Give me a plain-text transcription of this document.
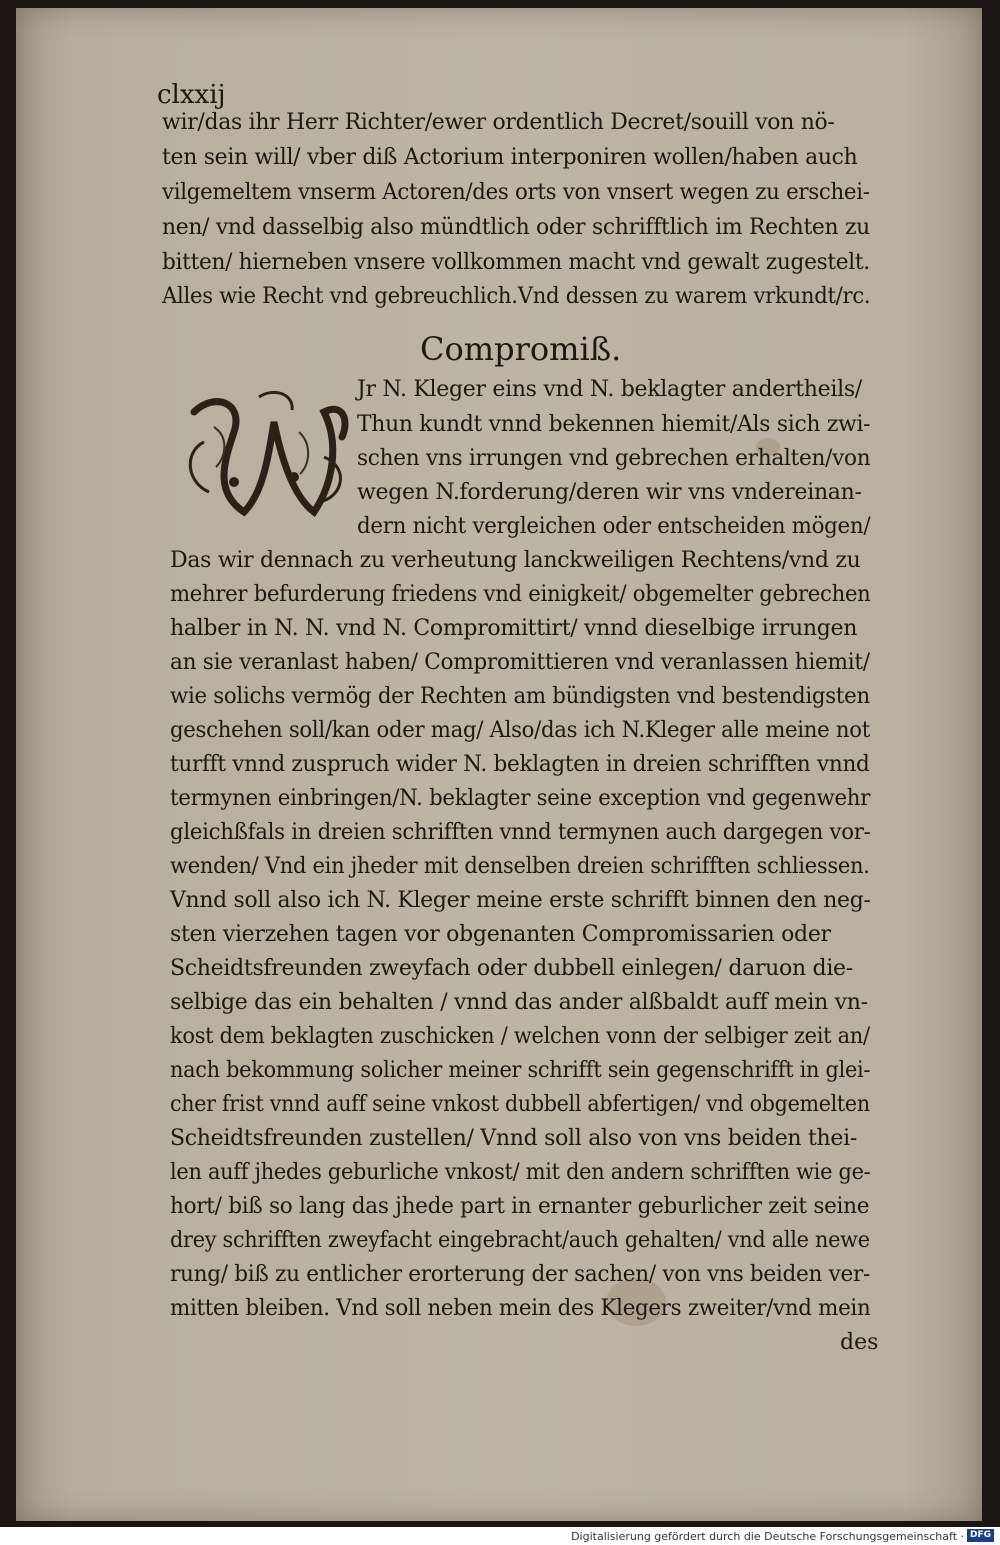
clxxij
wir/das ihr Herr Richter/ewer ordentlich Decret/souill von nö-
ten sein will/ vber diß Actorium interponiren wollen/haben auch
vilgemeltem vnserm Actoren/des orts von vnsert wegen zu erschei-
nen/ vnd dasselbig also mündtlich oder schrifftlich im Rechten zu
bitten/ hierneben vnsere vollkommen macht vnd gewalt zugestelt.
Alles wie Recht vnd gebreuchlich.Vnd dessen zu warem vrkundt/rc.
Compromiß.
Jr N. Kleger eins vnd N. beklagter andertheils/
Thun kundt vnnd bekennen hiemit/Als sich zwi-
schen vns irrungen vnd gebrechen erhalten/von
wegen N.forderung/deren wir vns vndereinan-
dern nicht vergleichen oder entscheiden mögen/
Das wir dennach zu verheutung lanckweiligen Rechtens/vnd zu
mehrer befurderung friedens vnd einigkeit/ obgemelter gebrechen
halber in N. N. vnd N. Compromittirt/ vnnd dieselbige irrungen
an sie veranlast haben/ Compromittieren vnd veranlassen hiemit/
wie solichs vermög der Rechten am bündigsten vnd bestendigsten
geschehen soll/kan oder mag/ Also/das ich N.Kleger alle meine not
turfft vnnd zuspruch wider N. beklagten in dreien schrifften vnnd
termynen einbringen/N. beklagter seine exception vnd gegenwehr
gleichßfals in dreien schrifften vnnd termynen auch dargegen vor-
wenden/ Vnd ein jheder mit denselben dreien schrifften schliessen.
Vnnd soll also ich N. Kleger meine erste schrifft binnen den neg-
sten vierzehen tagen vor obgenanten Compromissarien oder
Scheidtsfreunden zweyfach oder dubbell einlegen/ daruon die-
selbige das ein behalten / vnnd das ander alßbaldt auff mein vn-
kost dem beklagten zuschicken / welchen vonn der selbiger zeit an/
nach bekommung solicher meiner schrifft sein gegenschrifft in glei-
cher frist vnnd auff seine vnkost dubbell abfertigen/ vnd obgemelten
Scheidtsfreunden zustellen/ Vnnd soll also von vns beiden thei-
len auff jhedes geburliche vnkost/ mit den andern schrifften wie ge-
hort/ biß so lang das jhede part in ernanter geburlicher zeit seine
drey schrifften zweyfacht eingebracht/auch gehalten/ vnd alle newe
rung/ biß zu entlicher erorterung der sachen/ von vns beiden ver-
mitten bleiben. Vnd soll neben mein des Klegers zweiter/vnd mein
des
Digitalisierung gefördert durch die Deutsche Forschungsgemeinschaft · DFG
